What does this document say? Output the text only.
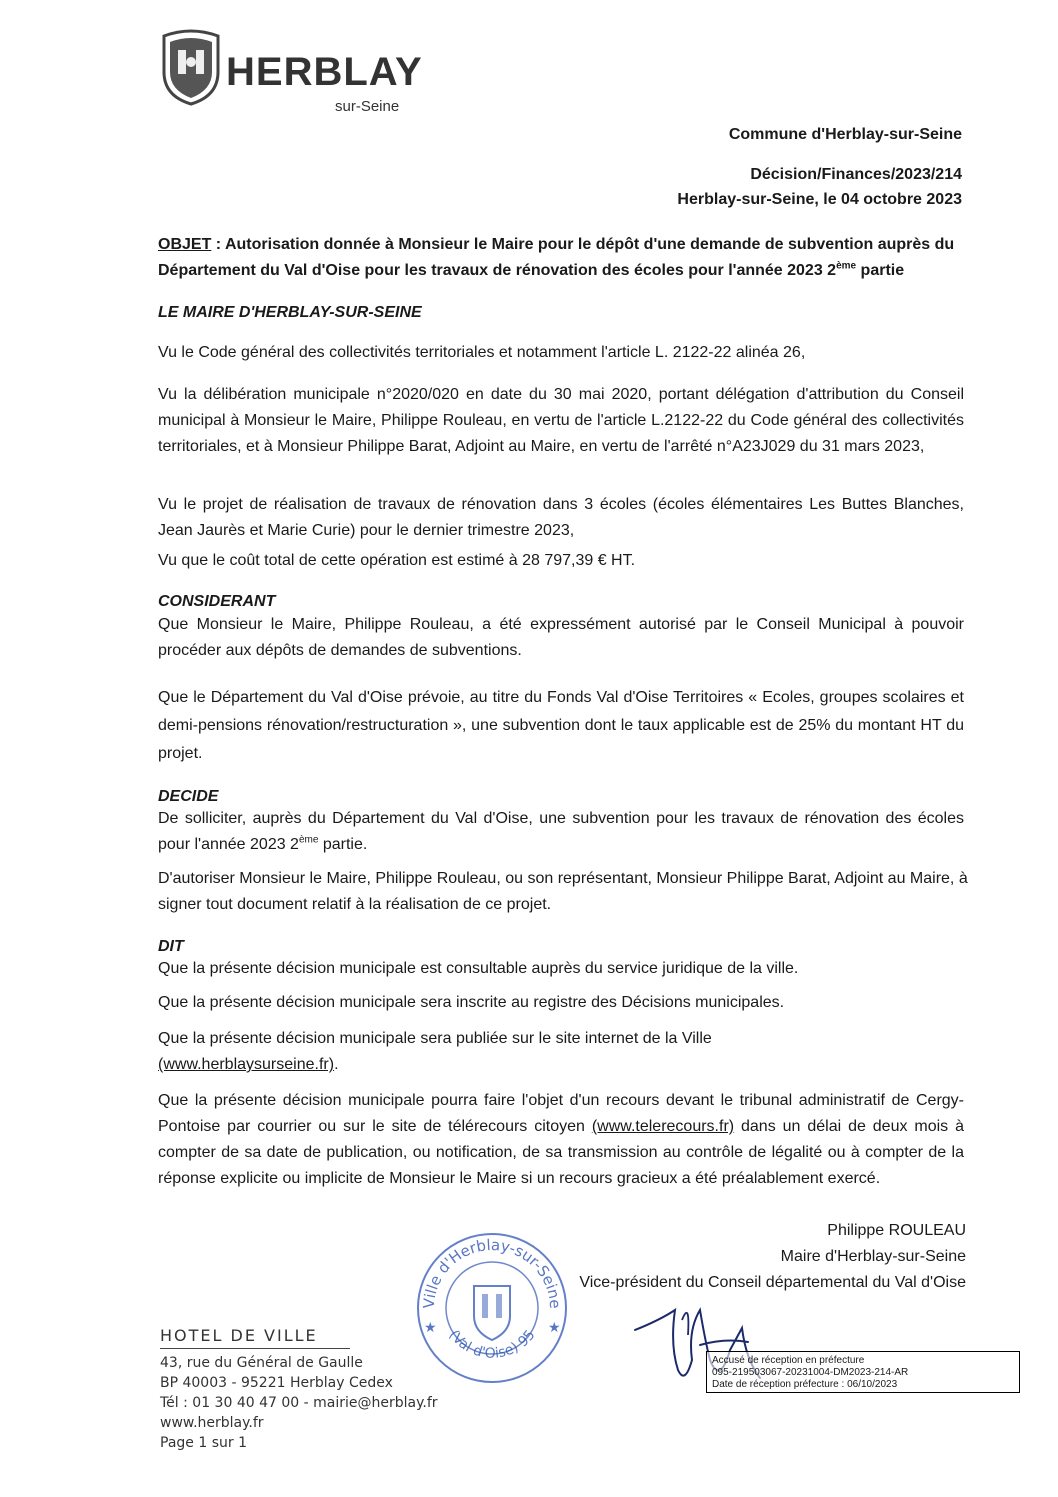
HERBLAY
sur-Seine
Commune d'Herblay-sur-Seine
Décision/Finances/2023/214
Herblay-sur-Seine, le 04 octobre 2023
OBJET : Autorisation donnée à Monsieur le Maire pour le dépôt d'une demande de subvention auprès du Département du Val d'Oise pour les travaux de rénovation des écoles pour l'année 2023 2ème partie
LE MAIRE D'HERBLAY-SUR-SEINE
Vu le Code général des collectivités territoriales et notamment l'article L. 2122-22 alinéa 26,
Vu la délibération municipale n°2020/020 en date du 30 mai 2020, portant délégation d'attribution du Conseil municipal à Monsieur le Maire, Philippe Rouleau, en vertu de l'article L.2122-22 du Code général des collectivités territoriales, et à Monsieur Philippe Barat, Adjoint au Maire, en vertu de l'arrêté n°A23J029 du 31 mars 2023,
Vu le projet de réalisation de travaux de rénovation dans 3 écoles (écoles élémentaires Les Buttes Blanches, Jean Jaurès et Marie Curie) pour le dernier trimestre 2023,
Vu que le coût total de cette opération est estimé à 28 797,39 € HT.
CONSIDERANT
Que Monsieur le Maire, Philippe Rouleau, a été expressément autorisé par le Conseil Municipal à pouvoir procéder aux dépôts de demandes de subventions.
Que le Département du Val d'Oise prévoie, au titre du Fonds Val d'Oise Territoires « Ecoles, groupes scolaires et demi-pensions rénovation/restructuration », une subvention dont le taux applicable est de 25% du montant HT du projet.
DECIDE
De solliciter, auprès du Département du Val d'Oise, une subvention pour les travaux de rénovation des écoles pour l'année 2023 2ème partie.
D'autoriser Monsieur le Maire, Philippe Rouleau, ou son représentant, Monsieur Philippe Barat, Adjoint au Maire, à signer tout document relatif à la réalisation de ce projet.
DIT
Que la présente décision municipale est consultable auprès du service juridique de la ville.
Que la présente décision municipale sera inscrite au registre des Décisions municipales.
Que la présente décision municipale sera publiée sur le site internet de la Ville
(www.herblaysurseine.fr).
Que la présente décision municipale pourra faire l'objet d'un recours devant le tribunal administratif de Cergy-Pontoise par courrier ou sur le site de télérecours citoyen (www.telerecours.fr) dans un délai de deux mois à compter de sa date de publication, ou notification, de sa transmission au contrôle de légalité ou à compter de la réponse explicite ou implicite de Monsieur le Maire si un recours gracieux a été préalablement exercé.
Philippe ROULEAU
Maire d'Herblay-sur-Seine
Vice-président du Conseil départemental du Val d'Oise
Ville d'Herblay-sur-Seine
(Val d'Oise) 95
★	★
HOTEL DE VILLE
43, rue du Général de Gaulle
BP 40003 - 95221 Herblay Cedex
Tél : 01 30 40 47 00 - mairie@herblay.fr
www.herblay.fr
Page 1 sur 1
Accusé de réception en préfecture
095-219503067-20231004-DM2023-214-AR
Date de réception préfecture : 06/10/2023
